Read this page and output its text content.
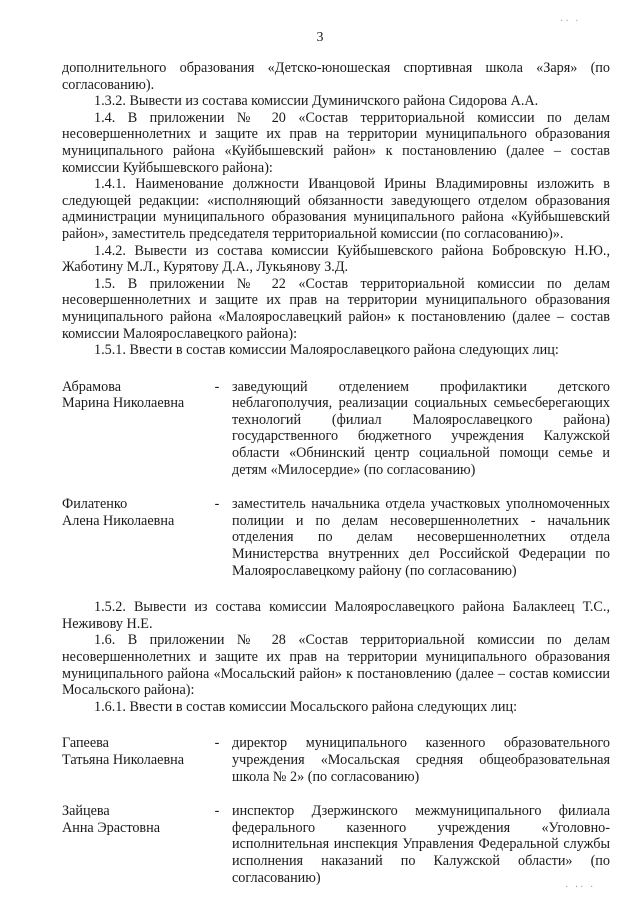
3
·· ·
· ·· ·

дополнительного образования «Детско-юношеская спортивная школа «Заря» (по согласованию).

1.3.2. Вывести из состава комиссии Думиничского района Сидорова А.А.

1.4. В приложении № 20 «Состав территориальной комиссии по делам несовершеннолетних и защите их прав на территории муниципального образования муниципального района «Куйбышевский район» к постановлению (далее – состав комиссии Куйбышевского района):

1.4.1. Наименование должности Иванцовой Ирины Владимировны изложить в следующей редакции: «исполняющий обязанности заведующего отделом образования администрации муниципального образования муниципального района «Куйбышевский район», заместитель председателя территориальной комиссии (по согласованию)».

1.4.2. Вывести из состава комиссии Куйбышевского района Бобровскую Н.Ю., Жаботину М.Л., Курятову Д.А., Лукьянову З.Д.

1.5. В приложении № 22 «Состав территориальной комиссии по делам несовершеннолетних и защите их прав на территории муниципального образования муниципального района «Малоярославецкий район» к постановлению (далее – состав комиссии Малоярославецкого района):

1.5.1. Ввести в состав комиссии Малоярославецкого района следующих лиц:

Абрамова
Марина Николаевна
- заведующий отделением профилактики детского неблагополучия, реализации социальных семьесберегающих технологий (филиал Малоярославецкого района) государственного бюджетного учреждения Калужской области «Обнинский центр социальной помощи семье и детям «Милосердие» (по согласованию)
Филатенко
Алена Николаевна
- заместитель начальника отдела участковых уполномоченных полиции и по делам несовершеннолетних - начальник отделения по делам несовершеннолетних отдела Министерства внутренних дел Российской Федерации по Малоярославецкому району (по согласованию)

1.5.2. Вывести из состава комиссии Малоярославецкого района Балаклеец Т.С., Неживову Н.Е.

1.6. В приложении № 28 «Состав территориальной комиссии по делам несовершеннолетних и защите их прав на территории муниципального образования муниципального района «Мосальский район» к постановлению (далее – состав комиссии Мосальского района):

1.6.1. Ввести в состав комиссии Мосальского района следующих лиц:

Гапеева
Татьяна Николаевна
- директор муниципального казенного образовательного учреждения «Мосальская средняя общеобразовательная школа № 2» (по согласованию)
Зайцева
Анна Эрастовна
- инспектор Дзержинского межмуниципального филиала федерального казенного учреждения «Уголовно-исполнительная инспекция Управления Федеральной службы исполнения наказаний по Калужской области» (по согласованию)
